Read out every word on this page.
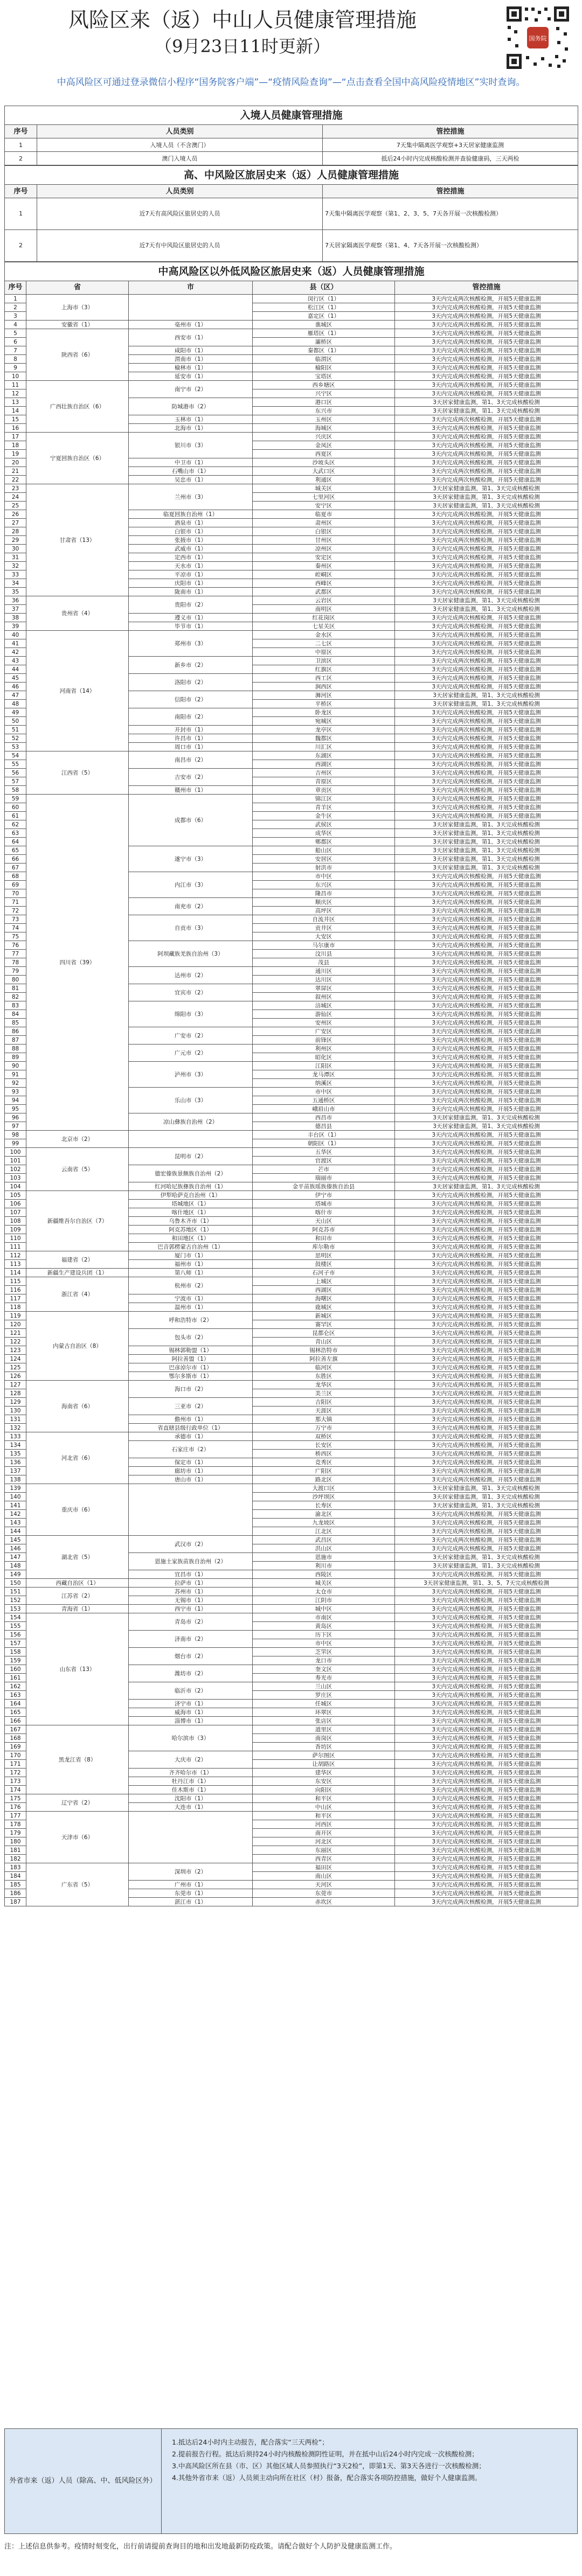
风险区来（返）中山人员健康管理措施
（9月23日11时更新）	国务院
中高风险区可通过登录微信小程序“国务院客户端”—“疫情风险查询”—“点击查看全国中高风险疫情地区”实时查询。
入境人员健康管理措施		
序号	人员类别	管控措施
1	入境人员（不含澳门）	7天集中隔离医学观察+3天居家健康监测
2	澳门入境人员	抵后24小时内完成核酸检测并查验健康码，三天两检
高、中风险区旅居史来（返）人员健康管理措施		
序号	人员类别	管控措施
1	近7天有高风险区旅居史的人员	7天集中隔离医学观察（第1、2、3、5、7天各开展一次核酸检测）
2	近7天有中风险区旅居史的人员	7天居家隔离医学观察（第1、4、7天各开展一次核酸检测）
中高风险区以外低风险区旅居史来（返）人员健康管理措施				
序号	省	市	县（区）	管控措施
1	上海市（3）		闵行区（1）	3天内完成两次核酸检测，开展5天健康监测
2			松江区（1）	3天内完成两次核酸检测，开展5天健康监测
3			嘉定区（1）	3天内完成两次核酸检测，开展5天健康监测
4	安徽省（1）	亳州市（1）	谯城区	3天内完成两次核酸检测，开展5天健康监测
5	陕西省（6）	西安市（1）	雁塔区（1）	3天内完成两次核酸检测，开展5天健康监测
6			灞桥区	3天内完成两次核酸检测，开展5天健康监测
7		咸阳市（1）	秦都区（1）	3天内完成两次核酸检测，开展5天健康监测
8		渭南市（1）	临渭区	3天内完成两次核酸检测，开展5天健康监测
9		榆林市（1）	榆阳区	3天内完成两次核酸检测，开展5天健康监测
10		延安市（1）	宝塔区	3天内完成两次核酸检测，开展5天健康监测
11	广西壮族自治区（6）	南宁市（2）	西乡塘区	3天内完成两次核酸检测，开展5天健康监测
12			兴宁区	3天内完成两次核酸检测，开展5天健康监测
13		防城港市（2）	港口区	3天居家健康监测，第1、3天完成核酸检测
14			东兴市	3天居家健康监测，第1、3天完成核酸检测
15		玉林市（1）	玉州区	3天内完成两次核酸检测，开展5天健康监测
16		北海市（1）	海城区	3天内完成两次核酸检测，开展5天健康监测
17	宁夏回族自治区（6）	银川市（3）	兴庆区	3天内完成两次核酸检测，开展5天健康监测
18			金凤区	3天内完成两次核酸检测，开展5天健康监测
19			西夏区	3天内完成两次核酸检测，开展5天健康监测
20		中卫市（1）	沙坡头区	3天内完成两次核酸检测，开展5天健康监测
21		石嘴山市（1）	大武口区	3天内完成两次核酸检测，开展5天健康监测
22		吴忠市（1）	利通区	3天内完成两次核酸检测，开展5天健康监测
23	甘肃省（13）	兰州市（3）	城关区	3天居家健康监测，第1、3天完成核酸检测
24			七里河区	3天居家健康监测，第1、3天完成核酸检测
25			安宁区	3天居家健康监测，第1、3天完成核酸检测
26		临夏回族自治州（1）	临夏市	3天内完成两次核酸检测，开展5天健康监测
27		酒泉市（1）	肃州区	3天内完成两次核酸检测，开展5天健康监测
28		白银市（1）	白银区	3天内完成两次核酸检测，开展5天健康监测
29		张掖市（1）	甘州区	3天内完成两次核酸检测，开展5天健康监测
30		武威市（1）	凉州区	3天内完成两次核酸检测，开展5天健康监测
31		定西市（1）	安定区	3天内完成两次核酸检测，开展5天健康监测
32		天水市（1）	秦州区	3天内完成两次核酸检测，开展5天健康监测
33		平凉市（1）	崆峒区	3天内完成两次核酸检测，开展5天健康监测
34		庆阳市（1）	西峰区	3天内完成两次核酸检测，开展5天健康监测
35		陇南市（1）	武都区	3天内完成两次核酸检测，开展5天健康监测
36	贵州省（4）	贵阳市（2）	云岩区	3天居家健康监测，第1、3天完成核酸检测
37			南明区	3天居家健康监测，第1、3天完成核酸检测
38		遵义市（1）	红花岗区	3天内完成两次核酸检测，开展5天健康监测
39		毕节市（1）	七星关区	3天内完成两次核酸检测，开展5天健康监测
40	河南省（14）	郑州市（3）	金水区	3天内完成两次核酸检测，开展5天健康监测
41			二七区	3天内完成两次核酸检测，开展5天健康监测
42			中原区	3天内完成两次核酸检测，开展5天健康监测
43		新乡市（2）	卫滨区	3天内完成两次核酸检测，开展5天健康监测
44			红旗区	3天内完成两次核酸检测，开展5天健康监测
45		洛阳市（2）	西工区	3天内完成两次核酸检测，开展5天健康监测
46			涧西区	3天内完成两次核酸检测，开展5天健康监测
47		信阳市（2）	浉河区	3天居家健康监测，第1、3天完成核酸检测
48			平桥区	3天居家健康监测，第1、3天完成核酸检测
49		南阳市（2）	卧龙区	3天内完成两次核酸检测，开展5天健康监测
50			宛城区	3天内完成两次核酸检测，开展5天健康监测
51		开封市（1）	龙亭区	3天内完成两次核酸检测，开展5天健康监测
52		许昌市（1）	魏都区	3天内完成两次核酸检测，开展5天健康监测
53		周口市（1）	川汇区	3天内完成两次核酸检测，开展5天健康监测
54	江西省（5）	南昌市（2）	东湖区	3天内完成两次核酸检测，开展5天健康监测
55			西湖区	3天内完成两次核酸检测，开展5天健康监测
56		吉安市（2）	吉州区	3天内完成两次核酸检测，开展5天健康监测
57			青原区	3天内完成两次核酸检测，开展5天健康监测
58		赣州市（1）	章贡区	3天内完成两次核酸检测，开展5天健康监测
59	四川省（39）	成都市（6）	锦江区	3天内完成两次核酸检测，开展5天健康监测
60			青羊区	3天内完成两次核酸检测，开展5天健康监测
61			金牛区	3天内完成两次核酸检测，开展5天健康监测
62			武侯区	3天居家健康监测，第1、3天完成核酸检测
63			成华区	3天居家健康监测，第1、3天完成核酸检测
64			郫都区	3天居家健康监测，第1、3天完成核酸检测
65		遂宁市（3）	船山区	3天居家健康监测，第1、3天完成核酸检测
66			安居区	3天居家健康监测，第1、3天完成核酸检测
67			射洪市	3天居家健康监测，第1、3天完成核酸检测
68		内江市（3）	市中区	3天内完成两次核酸检测，开展5天健康监测
69			东兴区	3天内完成两次核酸检测，开展5天健康监测
70			隆昌市	3天内完成两次核酸检测，开展5天健康监测
71		南充市（2）	顺庆区	3天内完成两次核酸检测，开展5天健康监测
72			高坪区	3天内完成两次核酸检测，开展5天健康监测
73		自贡市（3）	自流井区	3天内完成两次核酸检测，开展5天健康监测
74			贡井区	3天内完成两次核酸检测，开展5天健康监测
75			大安区	3天内完成两次核酸检测，开展5天健康监测
76		阿坝藏族羌族自治州（3）	马尔康市	3天内完成两次核酸检测，开展5天健康监测
77			汶川县	3天内完成两次核酸检测，开展5天健康监测
78			茂县	3天内完成两次核酸检测，开展5天健康监测
79		达州市（2）	通川区	3天内完成两次核酸检测，开展5天健康监测
80			达川区	3天内完成两次核酸检测，开展5天健康监测
81		宜宾市（2）	翠屏区	3天内完成两次核酸检测，开展5天健康监测
82			叙州区	3天内完成两次核酸检测，开展5天健康监测
83		绵阳市（3）	涪城区	3天内完成两次核酸检测，开展5天健康监测
84			游仙区	3天内完成两次核酸检测，开展5天健康监测
85			安州区	3天内完成两次核酸检测，开展5天健康监测
86		广安市（2）	广安区	3天内完成两次核酸检测，开展5天健康监测
87			前锋区	3天内完成两次核酸检测，开展5天健康监测
88		广元市（2）	利州区	3天内完成两次核酸检测，开展5天健康监测
89			昭化区	3天内完成两次核酸检测，开展5天健康监测
90		泸州市（3）	江阳区	3天内完成两次核酸检测，开展5天健康监测
91			龙马潭区	3天内完成两次核酸检测，开展5天健康监测
92			纳溪区	3天内完成两次核酸检测，开展5天健康监测
93		乐山市（3）	市中区	3天内完成两次核酸检测，开展5天健康监测
94			五通桥区	3天内完成两次核酸检测，开展5天健康监测
95			峨眉山市	3天内完成两次核酸检测，开展5天健康监测
96		凉山彝族自治州（2）	西昌市	3天居家健康监测，第1、3天完成核酸检测
97			德昌县	3天居家健康监测，第1、3天完成核酸检测
98	北京市（2）		丰台区（1）	3天内完成两次核酸检测，开展5天健康监测
99			朝阳区（1）	3天内完成两次核酸检测，开展5天健康监测
100	云南省（5）	昆明市（2）	五华区	3天内完成两次核酸检测，开展5天健康监测
101			官渡区	3天内完成两次核酸检测，开展5天健康监测
102		德宏傣族景颇族自治州（2）	芒市	3天内完成两次核酸检测，开展5天健康监测
103			瑞丽市	3天内完成两次核酸检测，开展5天健康监测
104		红河哈尼族彝族自治州（1）	金平苗族瑶族傣族自治县	3天居家健康监测，第1、3天完成核酸检测
105	新疆维吾尔自治区（7）	伊犁哈萨克自治州（1）	伊宁市	3天内完成两次核酸检测，开展5天健康监测
106		塔城地区（1）	塔城市	3天内完成两次核酸检测，开展5天健康监测
107		喀什地区（1）	喀什市	3天内完成两次核酸检测，开展5天健康监测
108		乌鲁木齐市（1）	天山区	3天内完成两次核酸检测，开展5天健康监测
109		阿克苏地区（1）	阿克苏市	3天内完成两次核酸检测，开展5天健康监测
110		和田地区（1）	和田市	3天内完成两次核酸检测，开展5天健康监测
111		巴音郭楞蒙古自治州（1）	库尔勒市	3天内完成两次核酸检测，开展5天健康监测
112	福建省（2）	厦门市（1）	思明区	3天内完成两次核酸检测，开展5天健康监测
113		福州市（1）	鼓楼区	3天内完成两次核酸检测，开展5天健康监测
114	新疆生产建设兵团（1）	第八师（1）	石河子市	3天内完成两次核酸检测，开展5天健康监测
115	浙江省（4）	杭州市（2）	上城区	3天内完成两次核酸检测，开展5天健康监测
116			西湖区	3天内完成两次核酸检测，开展5天健康监测
117		宁波市（1）	海曙区	3天内完成两次核酸检测，开展5天健康监测
118		温州市（1）	鹿城区	3天内完成两次核酸检测，开展5天健康监测
119	内蒙古自治区（8）	呼和浩特市（2）	新城区	3天内完成两次核酸检测，开展5天健康监测
120			赛罕区	3天内完成两次核酸检测，开展5天健康监测
121		包头市（2）	昆都仑区	3天内完成两次核酸检测，开展5天健康监测
122			青山区	3天内完成两次核酸检测，开展5天健康监测
123		锡林郭勒盟（1）	锡林浩特市	3天内完成两次核酸检测，开展5天健康监测
124		阿拉善盟（1）	阿拉善左旗	3天内完成两次核酸检测，开展5天健康监测
125		巴彦淖尔市（1）	临河区	3天内完成两次核酸检测，开展5天健康监测
126		鄂尔多斯市（1）	东胜区	3天内完成两次核酸检测，开展5天健康监测
127	海南省（6）	海口市（2）	龙华区	3天内完成两次核酸检测，开展5天健康监测
128			美兰区	3天内完成两次核酸检测，开展5天健康监测
129		三亚市（2）	吉阳区	3天内完成两次核酸检测，开展5天健康监测
130			天涯区	3天内完成两次核酸检测，开展5天健康监测
131		儋州市（1）	那大镇	3天内完成两次核酸检测，开展5天健康监测
132		省直辖县级行政单位（1）	万宁市	3天内完成两次核酸检测，开展5天健康监测
133	河北省（6）	承德市（1）	双桥区	3天内完成两次核酸检测，开展5天健康监测
134		石家庄市（2）	长安区	3天内完成两次核酸检测，开展5天健康监测
135			桥西区	3天内完成两次核酸检测，开展5天健康监测
136		保定市（1）	竞秀区	3天内完成两次核酸检测，开展5天健康监测
137		廊坊市（1）	广阳区	3天内完成两次核酸检测，开展5天健康监测
138		唐山市（1）	路北区	3天内完成两次核酸检测，开展5天健康监测
139	重庆市（6）		大渡口区	3天居家健康监测，第1、3天完成核酸检测
140			沙坪坝区	3天居家健康监测，第1、3天完成核酸检测
141			长寿区	3天居家健康监测，第1、3天完成核酸检测
142			渝北区	3天内完成两次核酸检测，开展5天健康监测
143			九龙坡区	3天内完成两次核酸检测，开展5天健康监测
144			江北区	3天内完成两次核酸检测，开展5天健康监测
145	湖北省（5）	武汉市（2）	武昌区	3天内完成两次核酸检测，开展5天健康监测
146			洪山区	3天内完成两次核酸检测，开展5天健康监测
147		恩施土家族苗族自治州（2）	恩施市	3天居家健康监测，第1、3天完成核酸检测
148			利川市	3天居家健康监测，第1、3天完成核酸检测
149		宜昌市（1）	西陵区	3天内完成两次核酸检测，开展5天健康监测
150	西藏自治区（1）	拉萨市（1）	城关区	3天居家健康监测，第1、3、5、7天完成核酸检测
151	江苏省（2）	苏州市（1）	太仓市	3天内完成两次核酸检测，开展5天健康监测
152		无锡市（1）	江阴市	3天内完成两次核酸检测，开展5天健康监测
153	青海省（1）	西宁市（1）	城中区	3天内完成两次核酸检测，开展5天健康监测
154	山东省（13）	青岛市（2）	市南区	3天内完成两次核酸检测，开展5天健康监测
155			黄岛区	3天内完成两次核酸检测，开展5天健康监测
156		济南市（2）	历下区	3天内完成两次核酸检测，开展5天健康监测
157			市中区	3天内完成两次核酸检测，开展5天健康监测
158		烟台市（2）	芝罘区	3天内完成两次核酸检测，开展5天健康监测
159			龙口市	3天内完成两次核酸检测，开展5天健康监测
160		潍坊市（2）	奎文区	3天内完成两次核酸检测，开展5天健康监测
161			寿光市	3天内完成两次核酸检测，开展5天健康监测
162		临沂市（2）	兰山区	3天内完成两次核酸检测，开展5天健康监测
163			罗庄区	3天内完成两次核酸检测，开展5天健康监测
164		济宁市（1）	任城区	3天内完成两次核酸检测，开展5天健康监测
165		威海市（1）	环翠区	3天内完成两次核酸检测，开展5天健康监测
166		淄博市（1）	张店区	3天内完成两次核酸检测，开展5天健康监测
167	黑龙江省（8）	哈尔滨市（3）	道里区	3天内完成两次核酸检测，开展5天健康监测
168			南岗区	3天内完成两次核酸检测，开展5天健康监测
169			香坊区	3天内完成两次核酸检测，开展5天健康监测
170		大庆市（2）	萨尔图区	3天内完成两次核酸检测，开展5天健康监测
171			让胡路区	3天内完成两次核酸检测，开展5天健康监测
172		齐齐哈尔市（1）	建华区	3天内完成两次核酸检测，开展5天健康监测
173		牡丹江市（1）	东安区	3天内完成两次核酸检测，开展5天健康监测
174		佳木斯市（1）	向阳区	3天内完成两次核酸检测，开展5天健康监测
175	辽宁省（2）	沈阳市（1）	和平区	3天内完成两次核酸检测，开展5天健康监测
176		大连市（1）	中山区	3天内完成两次核酸检测，开展5天健康监测
177	天津市（6）		和平区	3天内完成两次核酸检测，开展5天健康监测
178			河西区	3天内完成两次核酸检测，开展5天健康监测
179			南开区	3天内完成两次核酸检测，开展5天健康监测
180			河北区	3天内完成两次核酸检测，开展5天健康监测
181			东丽区	3天内完成两次核酸检测，开展5天健康监测
182			西青区	3天内完成两次核酸检测，开展5天健康监测
183	广东省（5）	深圳市（2）	福田区	3天内完成两次核酸检测，开展5天健康监测
184			南山区	3天内完成两次核酸检测，开展5天健康监测
185		广州市（1）	天河区	3天内完成两次核酸检测，开展5天健康监测
186		东莞市（1）	东莞市	3天内完成两次核酸检测，开展5天健康监测
187		湛江市（1）	赤坎区	3天内完成两次核酸检测，开展5天健康监测
外省市来（返）人员（除高、中、低风险区外）
1.抵达后24小时内主动报告，配合落实“三天两检”；
2.提前报告行程。抵达后须持24小时内核酸检测阴性证明，并在抵中山后24小时内完成一次核酸检测；
3.中高风险区所在县（市、区）其他区域人员参照执行“3天2检”，即第1天、第3天各进行一次核酸检测；
4.其他外省市来（返）人员须主动向所在社区（村）报备，配合落实各项防控措施，做好个人健康监测。
注：上述信息供参考。疫情时刻变化，出行前请提前查询目的地和出发地最新防疫政策。请配合做好个人防护及健康监测工作。
